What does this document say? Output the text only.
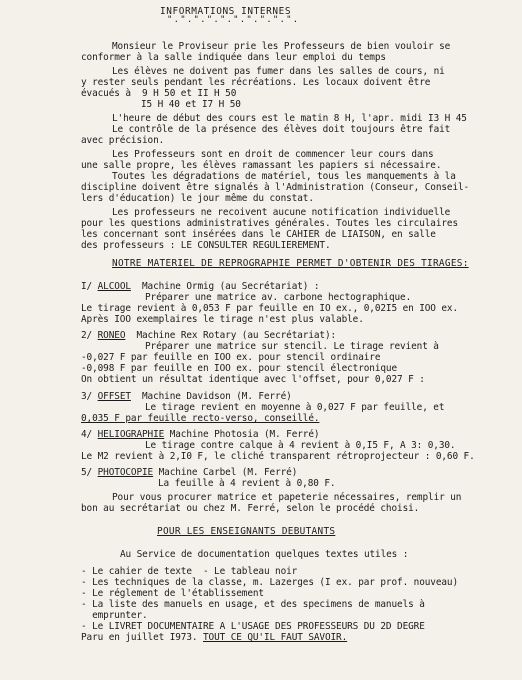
INFORMATIONS INTERNES
".".".".".".".".".".
Monsieur le Proviseur prie les Professeurs de bien vouloir se
conformer à la salle indiquée dans leur emploi du temps
Les élèves ne doivent pas fumer dans les salles de cours, ni
y rester seuls pendant les récréations. Les locaux doivent être
évacués à  9 H 50 et II H 50
I5 H 40 et I7 H 50
L'heure de début des cours est le matin 8 H, l'apr. midi I3 H 45
Le contrôle de la présence des élèves doit toujours être fait
avec précision.
Les Professeurs sont en droit de commencer leur cours dans
une salle propre, les élèves ramassant les papiers si nécessaire.
Toutes les dégradations de matériel, tous les manquements à la
discipline doivent être signalés à l'Administration (Conseur, Conseil-
lers d'éducation) le jour même du constat.
Les professeurs ne recoivent aucune notification individuelle
pour les questions administratives générales. Toutes les circulaires
les concernant sont insérées dans le CAHIER de LIAISON, en salle
des professeurs : LE CONSULTER REGULIEREMENT.
NOTRE MATERIEL DE REPROGRAPHIE PERMET D'OBTENIR DES TIRAGES:
I/ ALCOOL Machine Ormig (au Secrétariat) :
Préparer une matrice av. carbone hectographique.
Le tirage revient à 0,053 F par feuille en IO ex., 0,02I5 en IOO ex.
Après IOO exemplaires le tirage n'est plus valable.
2/ RONEO Machine Rex Rotary (au Secrétariat):
Préparer une matrice sur stencil. Le tirage revient à
-0,027 F par feuille en IOO ex. pour stencil ordinaire
-0,098 F par feuille en IOO ex. pour stencil électronique
On obtient un résultat identique avec l'offset, pour 0,027 F :
3/ OFFSET Machine Davidson (M. Ferré)
Le tirage revient en moyenne à 0,027 F par feuille, et
0,035 F par feuille recto-verso, conseillé.
4/ HELIOGRAPHIE Machine Photosia (M. Ferré)
Le tirage contre calque à 4 revient à 0,I5 F, A 3: 0,30.
Le M2 revient à 2,I0 F, le cliché transparent rétroprojecteur : 0,60 F.
5/ PHOTOCOPIE Machine Carbel (M. Ferré)
La feuille à 4 revient à 0,80 F.
Pour vous procurer matrice et papeterie nécessaires, remplir un
bon au secrétariat ou chez M. Ferré, selon le procédé choisi.
POUR LES ENSEIGNANTS DEBUTANTS
Au Service de documentation quelques textes utiles :
- Le cahier de texte  - Le tableau noir
- Les techniques de la classe, m. Lazerges (I ex. par prof. nouveau)
- Le réglement de l'établissement
- La liste des manuels en usage, et des specimens de manuels à
emprunter.
- Le LIVRET DOCUMENTAIRE A L'USAGE DES PROFESSEURS DU 2D DEGRE
Paru en juillet I973. TOUT CE QU'IL FAUT SAVOIR.
